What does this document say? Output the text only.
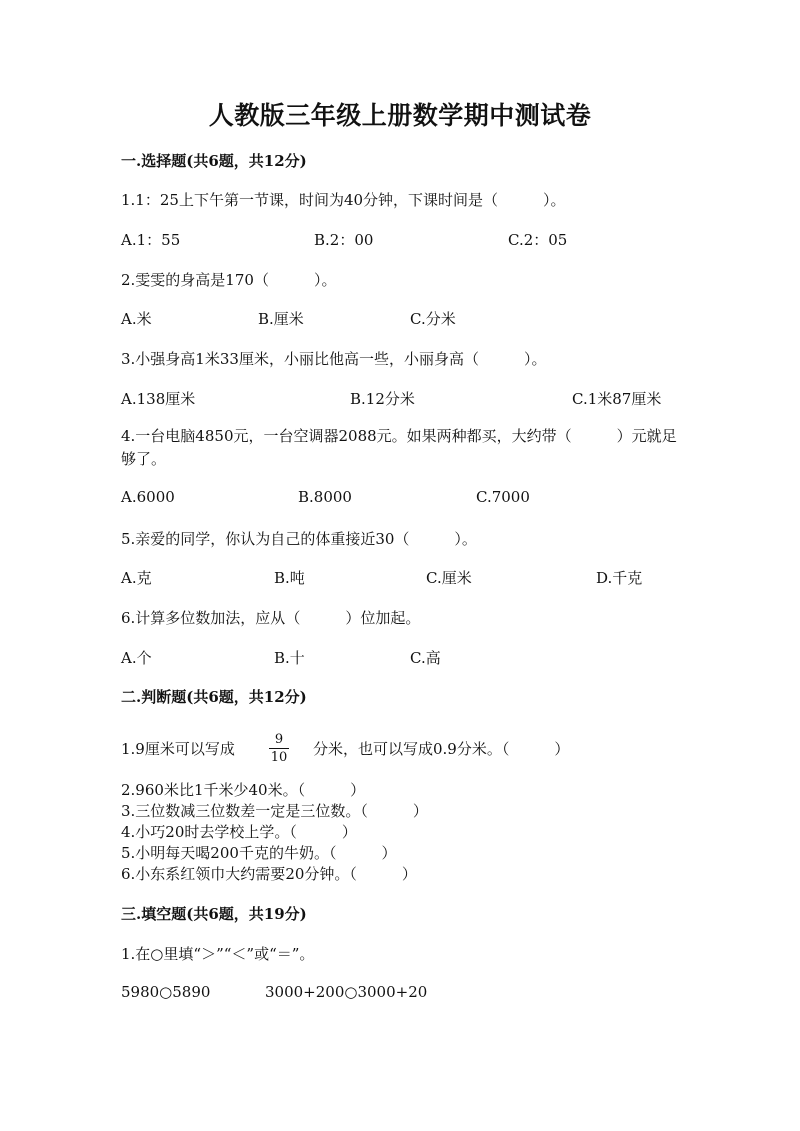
人教版三年级上册数学期中测试卷
一.选择题(共6题，共12分)
1.1：25上下午第一节课，时间为40分钟，下课时间是（　　　）。
A.1：55	B.2：00	C.2：05
2.雯雯的身高是170（　　　）。
A.米	B.厘米	C.分米
3.小强身高1米33厘米，小丽比他高一些，小丽身高（　　　）。
A.138厘米	B.12分米	C.1米87厘米
4.一台电脑4850元，一台空调器2088元。如果两种都买，大约带（　　　）元就足够了。
A.6000	B.8000	C.7000
5.亲爱的同学，你认为自己的体重接近30（　　　）。
A.克	B.吨	C.厘米	D.千克
6.计算多位数加法，应从（　　　）位加起。
A.个	B.十	C.高
二.判断题(共6题，共12分)
1.9厘米可以写成
9
10 分米，也可以写成0.9分米。（　　　）
2.960米比1千米少40米。（　　　）
3.三位数减三位数差一定是三位数。（　　　）
4.小巧20时去学校上学。（　　　）
5.小明每天喝200千克的牛奶。（　　　）
6.小东系红领巾大约需要20分钟。（　　　）
三.填空题(共6题，共19分)
1.在○里填“＞”“＜”或“＝”。
5980○5890	3000+200○3000+20
